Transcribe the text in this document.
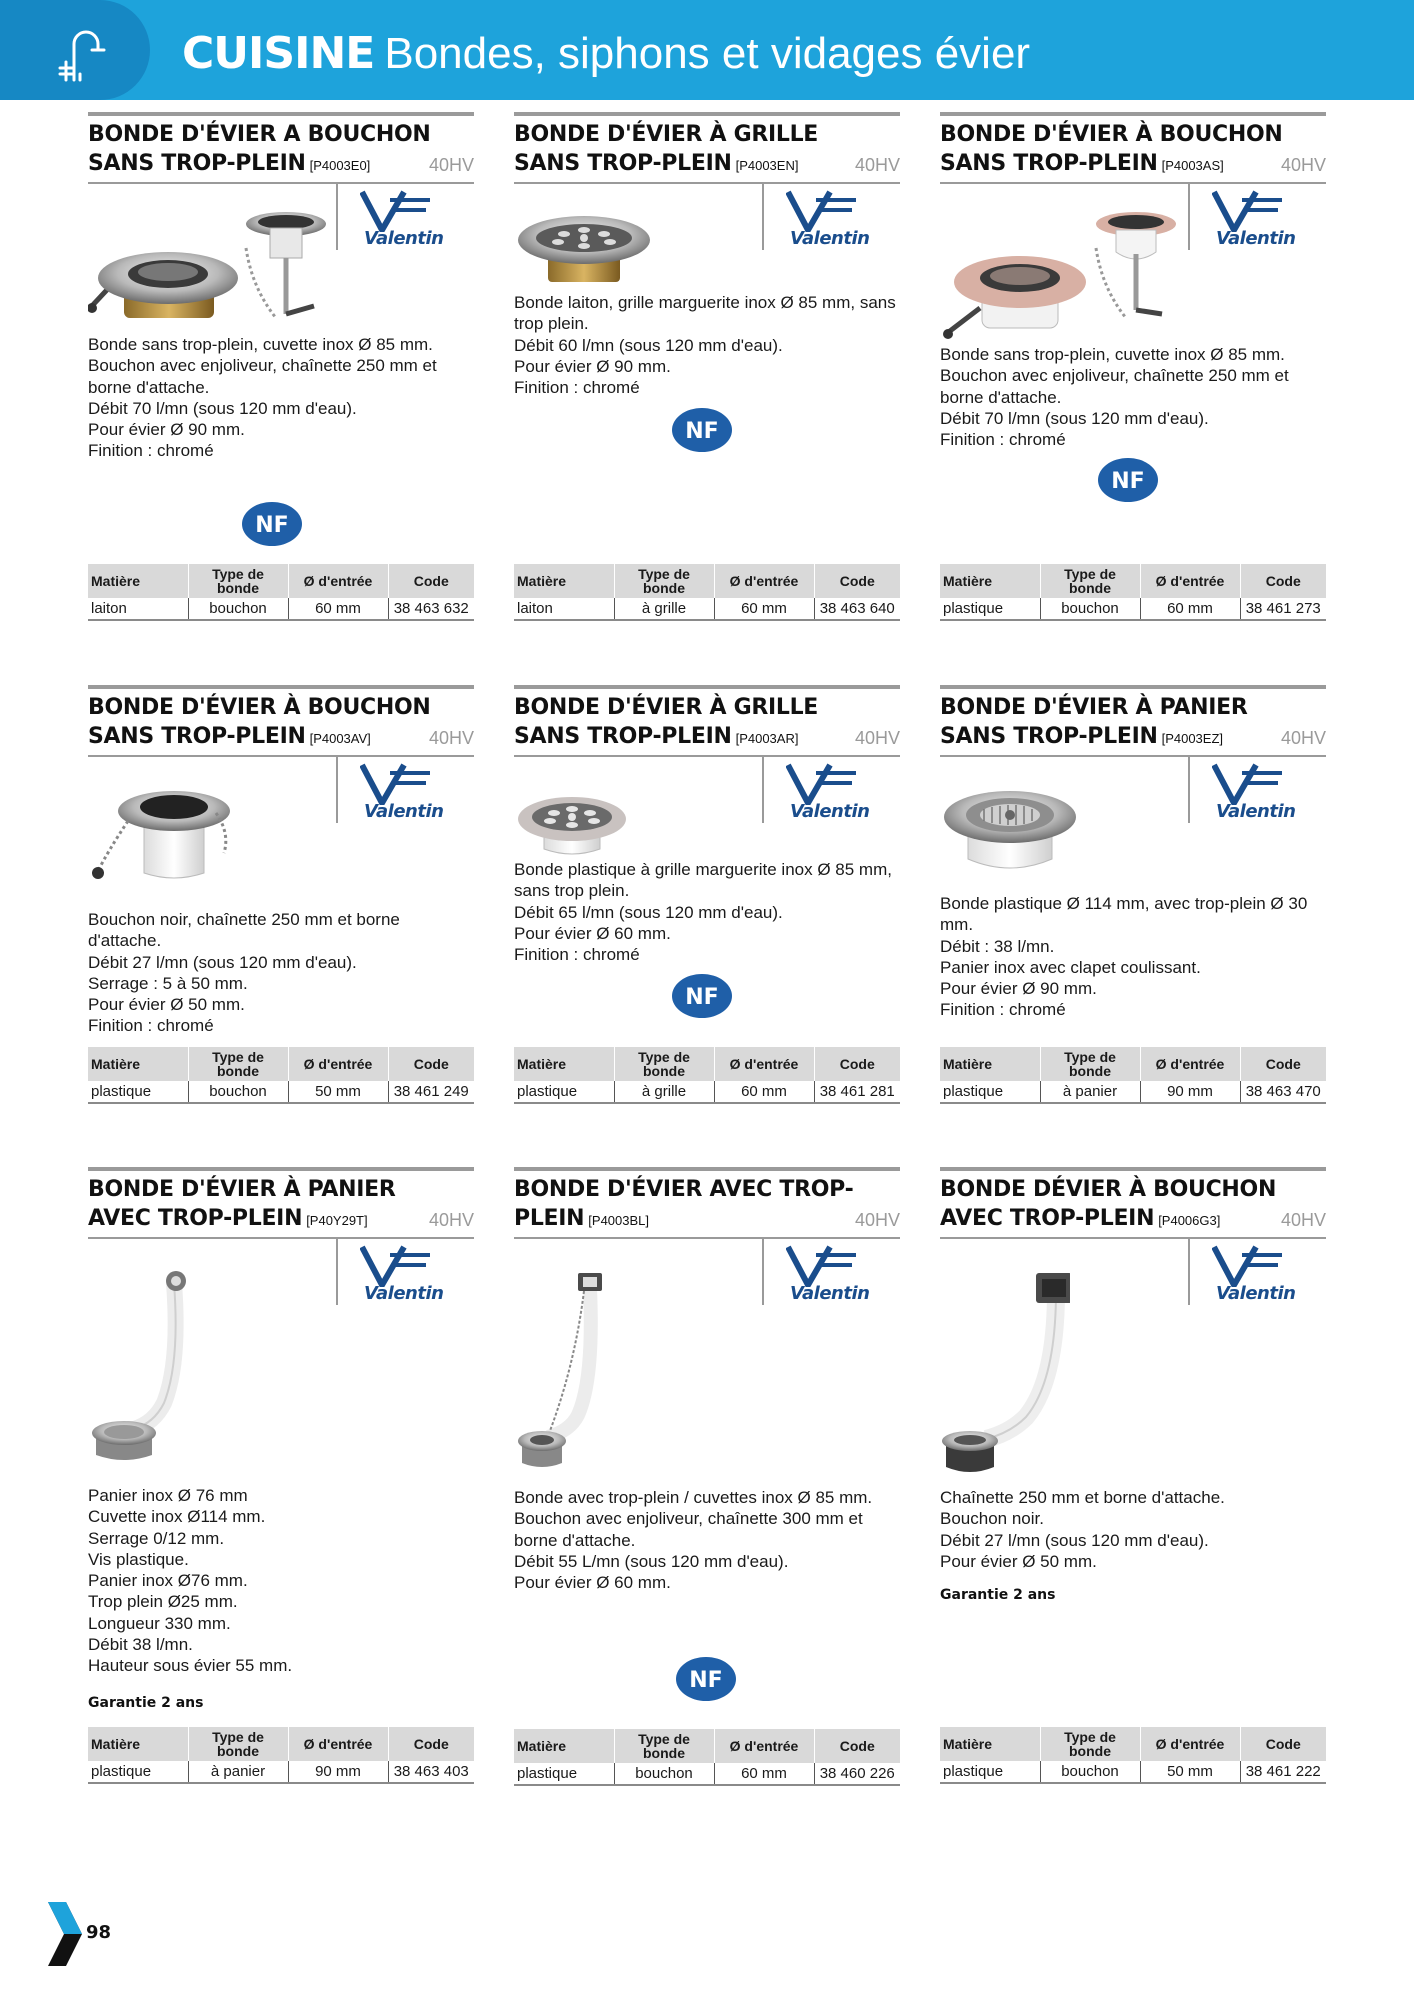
CUISINE Bondes, siphons et vidages évier
BONDE D'ÉVIER A BOUCHON
SANS TROP-PLEIN [P4003E0]	40HV
Valentin

Bonde sans trop-plein, cuvette inox Ø 85 mm.

Bouchon avec enjoliveur, chaînette 250 mm et borne d'attache.

Débit 70 l/mn (sous 120 mm d'eau).

Pour évier Ø 90 mm.

Finition : chromé

NF
Matière	Type de bonde	Ø d'entrée	Code
laiton	bouchon	60 mm	38 463 632
BONDE D'ÉVIER À GRILLE
SANS TROP-PLEIN [P4003EN]	40HV
Valentin

Bonde laiton, grille marguerite inox Ø 85 mm, sans trop plein.

Débit 60 l/mn (sous 120 mm d'eau).

Pour évier Ø 90 mm.

Finition : chromé

NF
Matière	Type de bonde	Ø d'entrée	Code
laiton	à grille	60 mm	38 463 640
BONDE D'ÉVIER À BOUCHON
SANS TROP-PLEIN [P4003AS]	40HV
Valentin

Bonde sans trop-plein, cuvette inox Ø 85 mm.

Bouchon avec enjoliveur, chaînette 250 mm et borne d'attache.

Débit 70 l/mn (sous 120 mm d'eau).

Finition : chromé

NF
Matière	Type de bonde	Ø d'entrée	Code
plastique	bouchon	60 mm	38 461 273
BONDE D'ÉVIER À BOUCHON
SANS TROP-PLEIN [P4003AV]	40HV
Valentin

Bouchon noir, chaînette 250 mm et borne d'attache.

Débit 27 l/mn (sous 120 mm d'eau).

Serrage : 5 à 50 mm.

Pour évier Ø 50 mm.

Finition : chromé

Matière	Type de bonde	Ø d'entrée	Code
plastique	bouchon	50 mm	38 461 249
BONDE D'ÉVIER À GRILLE
SANS TROP-PLEIN [P4003AR]	40HV
Valentin

Bonde plastique à grille marguerite inox Ø 85 mm, sans trop plein.

Débit 65 l/mn (sous 120 mm d'eau).

Pour évier Ø 60 mm.

Finition : chromé

NF
Matière	Type de bonde	Ø d'entrée	Code
plastique	à grille	60 mm	38 461 281
BONDE D'ÉVIER À PANIER
SANS TROP-PLEIN [P4003EZ]	40HV
Valentin

Bonde plastique Ø 114 mm, avec trop-plein Ø 30 mm.

Débit : 38 l/mn.

Panier inox avec clapet coulissant.

Pour évier Ø 90 mm.

Finition : chromé

Matière	Type de bonde	Ø d'entrée	Code
plastique	à panier	90 mm	38 463 470
BONDE D'ÉVIER À PANIER
AVEC TROP-PLEIN [P40Y29T]	40HV
Valentin

Panier inox Ø 76 mm

Cuvette inox Ø114 mm.

Serrage 0/12 mm.

Vis plastique.

Panier inox Ø76 mm.

Trop plein Ø25 mm.

Longueur 330 mm.

Débit 38 l/mn.

Hauteur sous évier 55 mm.

Garantie 2 ans
Matière	Type de bonde	Ø d'entrée	Code
plastique	à panier	90 mm	38 463 403
BONDE D'ÉVIER AVEC TROP-
PLEIN [P4003BL]	40HV
Valentin

Bonde avec trop-plein / cuvettes inox Ø 85 mm.

Bouchon avec enjoliveur, chaînette 300 mm et borne d'attache.

Débit 55 L/mn (sous 120 mm d'eau).

Pour évier Ø 60 mm.

NF
Matière	Type de bonde	Ø d'entrée	Code
plastique	bouchon	60 mm	38 460 226
BONDE DÉVIER À BOUCHON
AVEC TROP-PLEIN [P4006G3]	40HV
Valentin

Chaînette 250 mm et borne d'attache.

Bouchon noir.

Débit 27 l/mn (sous 120 mm d'eau).

Pour évier Ø 50 mm.

Garantie 2 ans
Matière	Type de bonde	Ø d'entrée	Code
plastique	bouchon	50 mm	38 461 222
98
